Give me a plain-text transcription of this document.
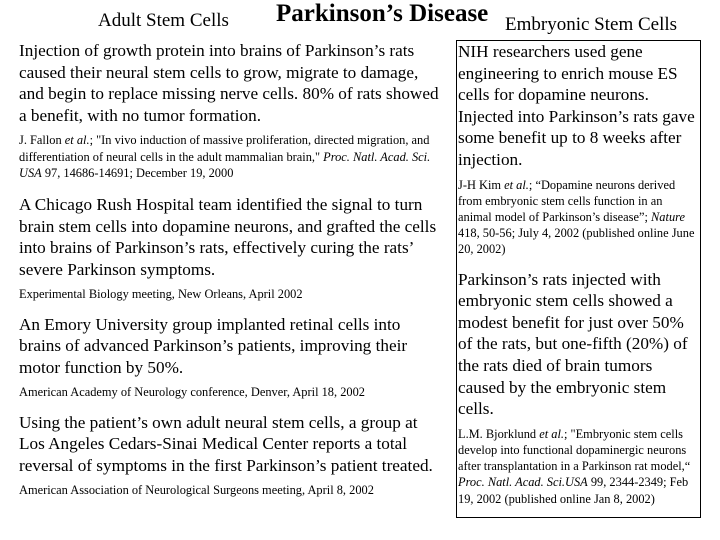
Adult Stem Cells Parkinson’s Disease Embryonic Stem Cells

Injection of growth protein into brains of Parkinson’s rats caused their neural stem cells to grow, migrate to damage, and begin to replace missing nerve cells. 80% of rats showed a benefit, with no tumor formation.

J. Fallon et al.; "In vivo induction of massive proliferation, directed migration, and differentiation of neural cells in the adult mammalian brain," Proc. Natl. Acad. Sci. USA 97, 14686-14691; December 19, 2000

A Chicago Rush Hospital team identified the signal to turn brain stem cells into dopamine neurons, and grafted the cells into brains of Parkinson’s rats, effectively curing the rats’ severe Parkinson symptoms.

Experimental Biology meeting, New Orleans, April 2002

An Emory University group implanted retinal cells into brains of advanced Parkinson’s patients, improving their motor function by 50%.

American Academy of Neurology conference, Denver, April 18, 2002

Using the patient’s own adult neural stem cells, a group at Los Angeles Cedars-Sinai Medical Center reports a total reversal of symptoms in the first Parkinson’s patient treated.

American Association of Neurological Surgeons meeting, April 8, 2002

NIH researchers used gene engineering to enrich mouse ES cells for dopamine neurons. Injected into Parkinson’s rats gave some benefit up to 8 weeks after injection.

J-H Kim et al.; “Dopamine neurons derived from embryonic stem cells function in an animal model of Parkinson’s disease”; Nature 418, 50-56; July 4, 2002 (published online June 20, 2002)

Parkinson’s rats injected with embryonic stem cells showed a modest benefit for just over 50% of the rats, but one-fifth (20%) of the rats died of brain tumors caused by the embryonic stem cells.

L.M. Bjorklund et al.; "Embryonic stem cells develop into functional dopaminergic neurons after transplantation in a Parkinson rat model,“ Proc. Natl. Acad. Sci.USA 99, 2344-2349; Feb 19, 2002 (published online Jan 8, 2002)
